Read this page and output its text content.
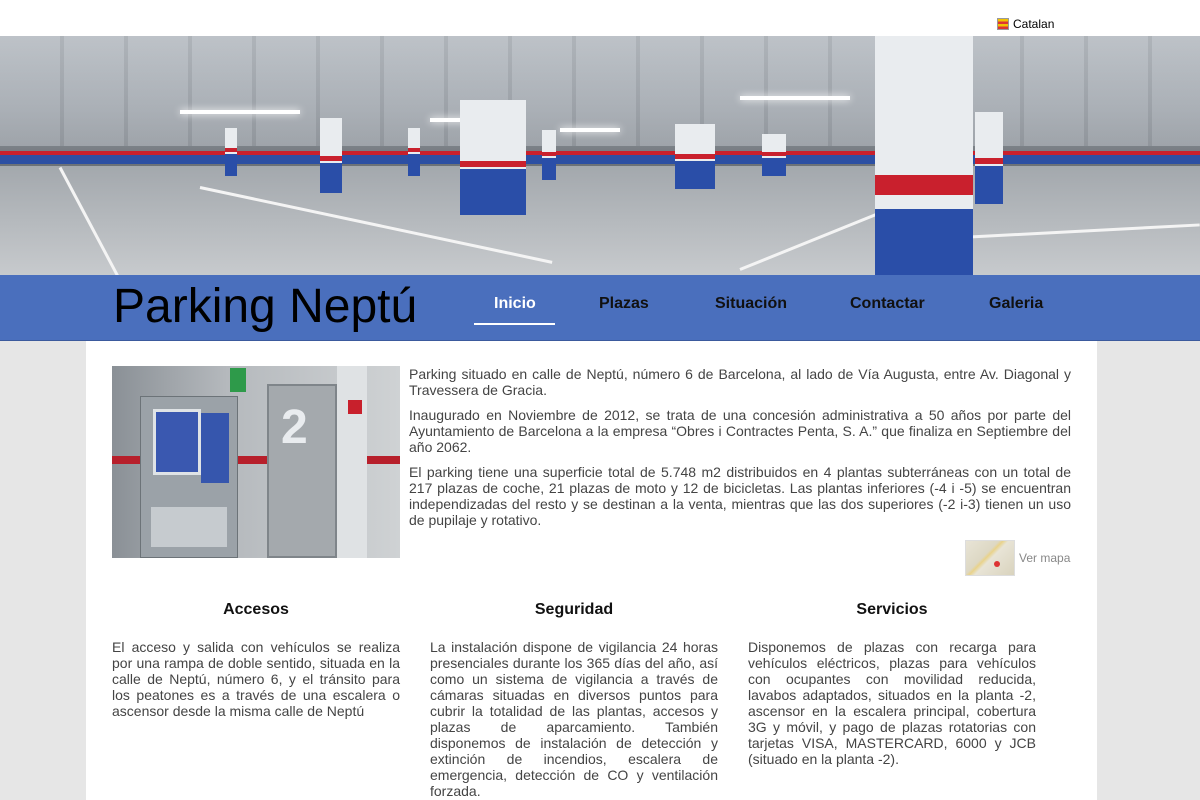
Catalan
Parking Neptú	Inicio	Plazas	Situación	Contactar	Galeria
2

Parking situado en calle de Neptú, número 6 de Barcelona, al lado de Vía Augusta, entre Av. Diagonal y Travessera de Gracia.

Inaugurado en Noviembre de 2012, se trata de una concesión administrativa a 50 años por parte del Ayuntamiento de Barcelona a la empresa “Obres i Contractes Penta, S. A.” que finaliza en Septiembre del año 2062.

El parking tiene una superficie total de 5.748 m2 distribuidos en 4 plantas subterráneas con un total de 217 plazas de coche, 21 plazas de moto y 12 de bicicletas. Las plantas inferiores (-4 i -5) se encuentran independizadas del resto y se destinan a la venta, mientras que las dos superiores (-2 i-3) tienen un uso de pupilaje y rotativo.

Ver mapa
Accesos

El acceso y salida con vehículos se realiza por una rampa de doble sentido, situada en la calle de Neptú, número 6, y el tránsito para los peatones es a través de una escalera o ascensor desde la misma calle de Neptú

Seguridad

La instalación dispone de vigilancia 24 horas presenciales durante los 365 días del año, así como un sistema de vigilancia a través de cámaras situadas en diversos puntos para cubrir la totalidad de las plantas, accesos y plazas de aparcamiento. También disponemos de instalación de detección y extinción de incendios, escalera de emergencia, detección de CO y ventilación forzada.

Servicios

Disponemos de plazas con recarga para vehículos eléctricos, plazas para vehículos con ocupantes con movilidad reducida, lavabos adaptados, situados en la planta -2, ascensor en la escalera principal, cobertura 3G y móvil, y pago de plazas rotatorias con tarjetas VISA, MASTERCARD, 6000 y JCB (situado en la planta -2).
